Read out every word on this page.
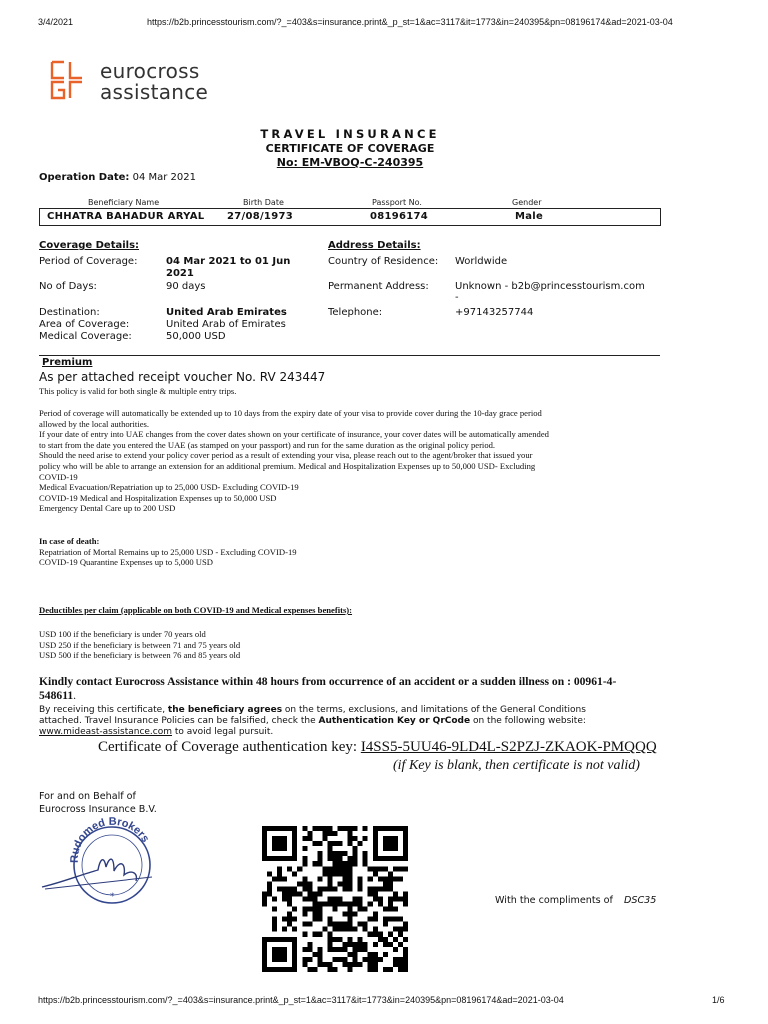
3/4/2021	https://b2b.princesstourism.com/?_=403&s=insurance.print&_p_st=1&ac=3117&it=1773&in=240395&pn=08196174&ad=2021-03-04
eurocross
assistance
TRAVEL INSURANCE
CERTIFICATE OF COVERAGE
No: EM-VBOQ-C-240395
Operation Date: 04 Mar 2021
Beneficiary Name	Birth Date	Passport No.	Gender
CHHATRA BAHADUR ARYAL 27/08/1973	08196174	Male
Coverage Details:
Period of Coverage:	04 Mar 2021 to 01 Jun 2021
No of Days:	90 days
Destination:	United Arab Emirates
Area of Coverage:	United Arab of Emirates
Medical Coverage:	50,000 USD
Address Details:
Country of Residence: Worldwide
Permanent Address:	Unknown - b2b@princesstourism.com
-
Telephone:	+97143257744
Premium
As per attached receipt voucher No. RV 243447
This policy is valid for both single & multiple entry trips.
Period of coverage will automatically be extended up to 10 days from the expiry date of your visa to provide cover during the 10-day grace period
allowed by the local authorities.
If your date of entry into UAE changes from the cover dates shown on your certificate of insurance, your cover dates will be automatically amended
to start from the date you entered the UAE (as stamped on your passport) and run for the same duration as the original policy period.
Should the need arise to extend your policy cover period as a result of extending your visa, please reach out to the agent/broker that issued your
policy who will be able to arrange an extension for an additional premium. Medical and Hospitalization Expenses up to 50,000 USD- Excluding
COVID-19
Medical Evacuation/Repatriation up to 25,000 USD- Excluding COVID-19
COVID-19 Medical and Hospitalization Expenses up to 50,000 USD
Emergency Dental Care up to 200 USD
In case of death:
Repatriation of Mortal Remains up to 25,000 USD - Excluding COVID-19
COVID-19 Quarantine Expenses up to 5,000 USD
Deductibles per claim (applicable on both COVID-19 and Medical expenses benefits):
USD 100 if the beneficiary is under 70 years old
USD 250 if the beneficiary is between 71 and 75 years old
USD 500 if the beneficiary is between 76 and 85 years old
Kindly contact Eurocross Assistance within 48 hours from occurrence of an accident or a sudden illness on : 00961-4-
548611.
By receiving this certificate, the beneficiary agrees on the terms, exclusions, and limitations of the General Conditions
attached. Travel Insurance Policies can be falsified, check the Authentication Key or QrCode on the following website:
www.mideast-assistance.com to avoid legal pursuit.
Certificate of Coverage authentication key: I4SS5-5UU46-9LD4L-S2PZJ-ZKAOK-PMQQQ
(if Key is blank, then certificate is not valid)
For and on Behalf of
Eurocross Insurance B.V.
Rudomed Brokers
*	With the compliments of DSC35
https://b2b.princesstourism.com/?_=403&s=insurance.print&_p_st=1&ac=3117&it=1773&in=240395&pn=08196174&ad=2021-03-04	1/6
